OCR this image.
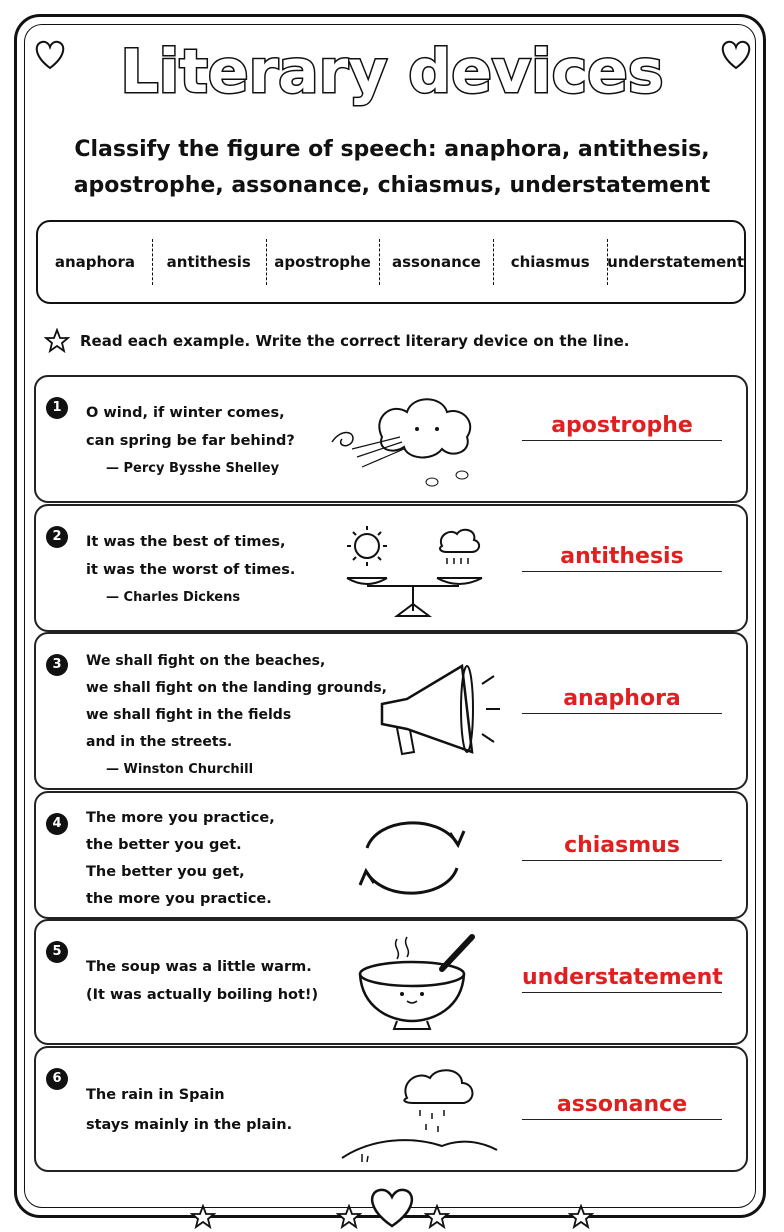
Literary devices
Classify the figure of speech: anaphora, antithesis,
apostrophe, assonance, chiasmus, understatement
anaphora	antithesis	apostrophe	assonance	chiasmus	understatement
Read each example. Write the correct literary device on the line.
1	O wind, if winter comes,
can spring be far behind?
— Percy Bysshe Shelley
apostrophe
2	It was the best of times,
it was the worst of times.
— Charles Dickens
antithesis
3	We shall fight on the beaches,
we shall fight on the landing grounds,
we shall fight in the fields
and in the streets.
— Winston Churchill
anaphora
4	The more you practice,
the better you get.
The better you get,
the more you practice.
chiasmus
5
The soup was a little warm.
(It was actually boiling hot!)
understatement
6
The rain in Spain
stays mainly in the plain.
assonance
